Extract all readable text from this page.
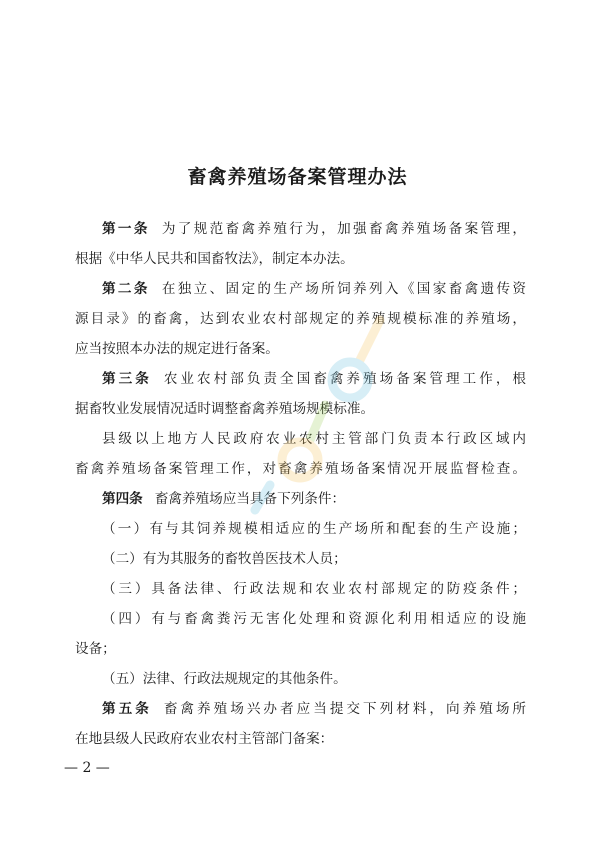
畜禽养殖场备案管理办法
第一条 为了规范畜禽养殖行为，加强畜禽养殖场备案管理，
根据《中华人民共和国畜牧法》，制定本办法。
第二条 在独立、固定的生产场所饲养列入《国家畜禽遗传资
源目录》的畜禽，达到农业农村部规定的养殖规模标准的养殖场，
应当按照本办法的规定进行备案。
第三条 农业农村部负责全国畜禽养殖场备案管理工作，根
据畜牧业发展情况适时调整畜禽养殖场规模标准。
县级以上地方人民政府农业农村主管部门负责本行政区域内
畜禽养殖场备案管理工作，对畜禽养殖场备案情况开展监督检查。
第四条 畜禽养殖场应当具备下列条件：
（一）有与其饲养规模相适应的生产场所和配套的生产设施；
（二）有为其服务的畜牧兽医技术人员；
（三）具备法律、行政法规和农业农村部规定的防疫条件；
（四）有与畜禽粪污无害化处理和资源化利用相适应的设施
设备；
（五）法律、行政法规规定的其他条件。
第五条 畜禽养殖场兴办者应当提交下列材料，向养殖场所
在地县级人民政府农业农村主管部门备案：
— 2 —
